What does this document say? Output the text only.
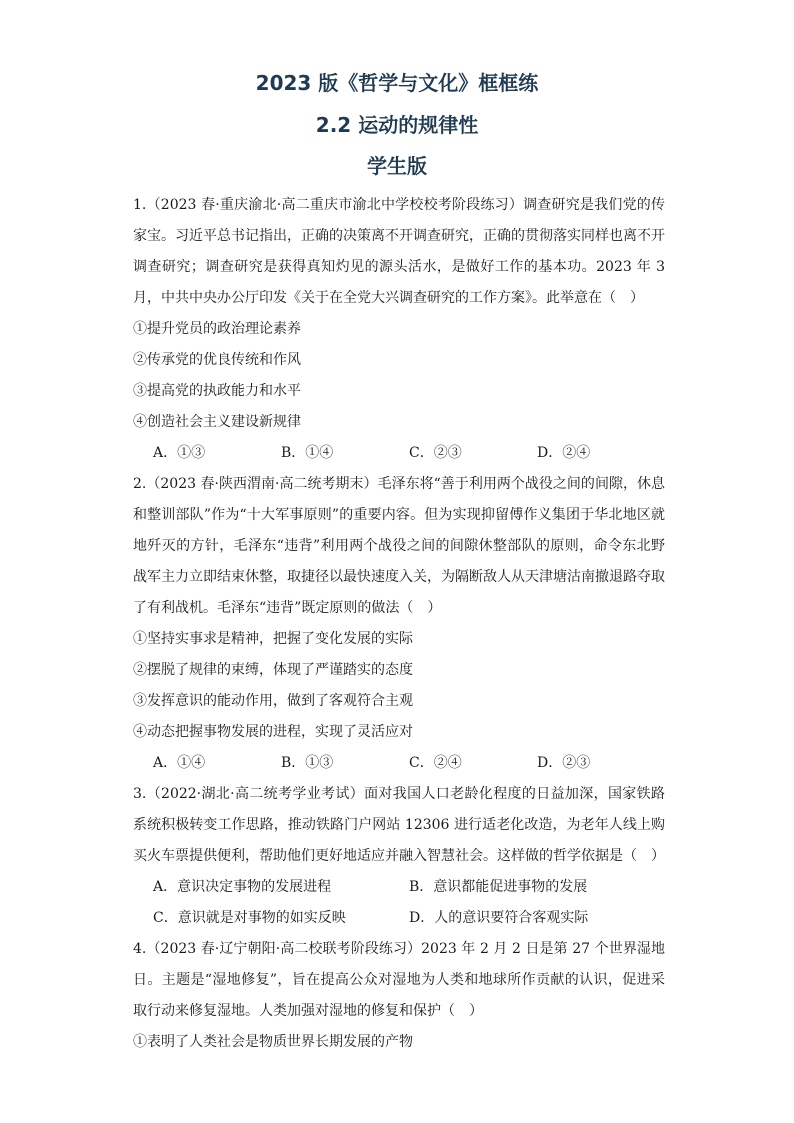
2023 版《哲学与文化》框框练
2.2 运动的规律性
学生版
1.（2023 春·重庆渝北·高二重庆市渝北中学校校考阶段练习）调查研究是我们党的传家宝。习近平总书记指出，正确的决策离不开调查研究，正确的贯彻落实同样也离不开调查研究；调查研究是获得真知灼见的源头活水，是做好工作的基本功。2023 年 3 月，中共中央办公厅印发《关于在全党大兴调查研究的工作方案》。此举意在（　）
①提升党员的政治理论素养
②传承党的优良传统和作风
③提高党的执政能力和水平
④创造社会主义建设新规律
A．①③	B．①④	C．②③	D．②④
2.（2023 春·陕西渭南·高二统考期末）毛泽东将“善于利用两个战役之间的间隙，休息和整训部队”作为“十大军事原则”的重要内容。但为实现抑留傅作义集团于华北地区就地歼灭的方针，毛泽东“违背”利用两个战役之间的间隙休整部队的原则，命令东北野战军主力立即结束休整，取捷径以最快速度入关，为隔断敌人从天津塘沽南撤退路夺取了有利战机。毛泽东“违背”既定原则的做法（　）
①坚持实事求是精神，把握了变化发展的实际
②摆脱了规律的束缚，体现了严谨踏实的态度
③发挥意识的能动作用，做到了客观符合主观
④动态把握事物发展的进程，实现了灵活应对
A．①④	B．①③	C．②④	D．②③
3.（2022·湖北·高二统考学业考试）面对我国人口老龄化程度的日益加深，国家铁路系统积极转变工作思路，推动铁路门户网站 12306 进行适老化改造，为老年人线上购买火车票提供便利，帮助他们更好地适应并融入智慧社会。这样做的哲学依据是（　）
A．意识决定事物的发展进程	B．意识都能促进事物的发展
C．意识就是对事物的如实反映	D．人的意识要符合客观实际
4.（2023 春·辽宁朝阳·高二校联考阶段练习）2023 年 2 月 2 日是第 27 个世界湿地日。主题是“湿地修复”，旨在提高公众对湿地为人类和地球所作贡献的认识，促进采取行动来修复湿地。人类加强对湿地的修复和保护（　）
①表明了人类社会是物质世界长期发展的产物
